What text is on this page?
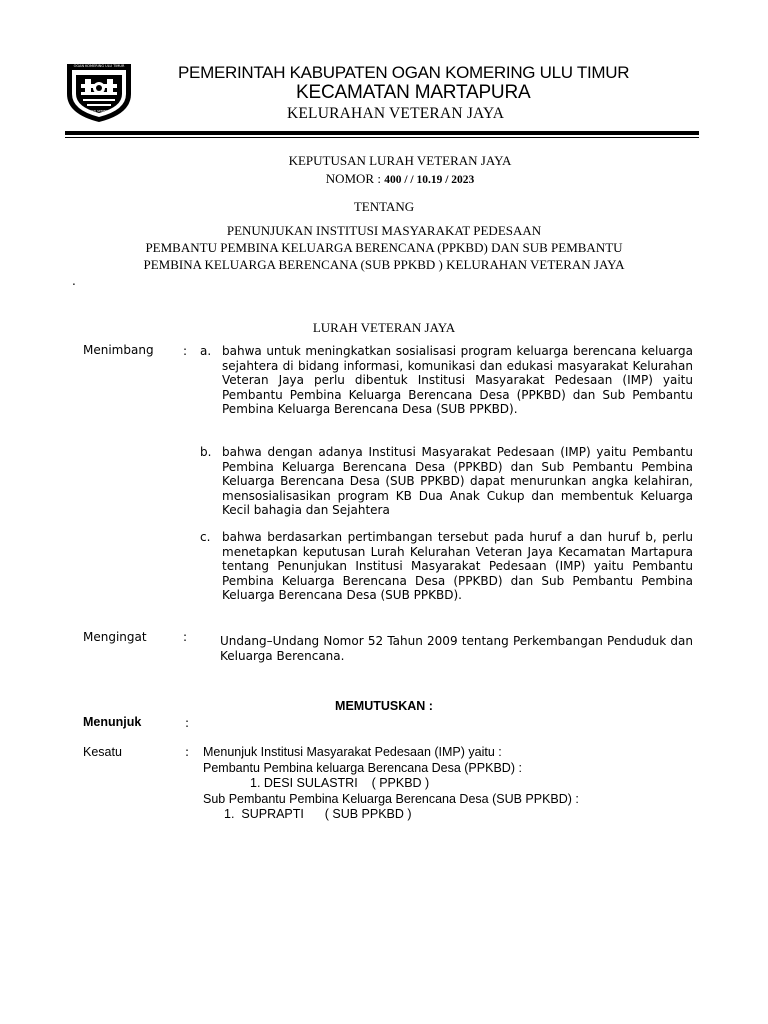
OGAN KOMERING ULU TIMUR
SEHATI SEMBILAN
PEMERINTAH KABUPATEN OGAN KOMERING ULU TIMUR
KECAMATAN MARTAPURA
KELURAHAN VETERAN JAYA
KEPUTUSAN LURAH VETERAN JAYA
NOMOR : 400 / / 10.19 / 2023
TENTANG
PENUNJUKAN INSTITUSI MASYARAKAT PEDESAAN
PEMBANTU PEMBINA KELUARGA BERENCANA (PPKBD) DAN SUB PEMBANTU
PEMBINA KELUARGA BERENCANA (SUB PPKBD ) KELURAHAN VETERAN JAYA
.
LURAH VETERAN JAYA
Menimbang : a. bahwa untuk meningkatkan sosialisasi program keluarga berencana keluarga sejahtera di bidang informasi, komunikasi dan edukasi masyarakat Kelurahan Veteran Jaya perlu dibentuk Institusi Masyarakat Pedesaan (IMP) yaitu Pembantu Pembina Keluarga Berencana Desa (PPKBD) dan Sub Pembantu Pembina Keluarga Berencana Desa (SUB PPKBD).
b. bahwa dengan adanya Institusi Masyarakat Pedesaan (IMP) yaitu Pembantu Pembina Keluarga Berencana Desa (PPKBD) dan Sub Pembantu Pembina Keluarga Berencana Desa (SUB PPKBD) dapat menurunkan angka kelahiran, mensosialisasikan program KB Dua Anak Cukup dan membentuk Keluarga Kecil bahagia dan Sejahtera
c. bahwa berdasarkan pertimbangan tersebut pada huruf a dan huruf b, perlu menetapkan keputusan Lurah Kelurahan Veteran Jaya Kecamatan Martapura tentang Penunjukan Institusi Masyarakat Pedesaan (IMP) yaitu Pembantu Pembina Keluarga Berencana Desa (PPKBD) dan Sub Pembantu Pembina Keluarga Berencana Desa (SUB PPKBD).
Mengingat	:	Undang–Undang Nomor 52 Tahun 2009 tentang Perkembangan Penduduk dan Keluarga Berencana.
MEMUTUSKAN :
Menunjuk	:
Kesatu	: Menunjuk Institusi Masyarakat Pedesaan (IMP) yaitu :
Pembantu Pembina keluarga Berencana Desa (PPKBD) :
1. DESI SULASTRI    ( PPKBD )
Sub Pembantu Pembina Keluarga Berencana Desa (SUB PPKBD) :
1.  SUPRAPTI      ( SUB PPKBD )
